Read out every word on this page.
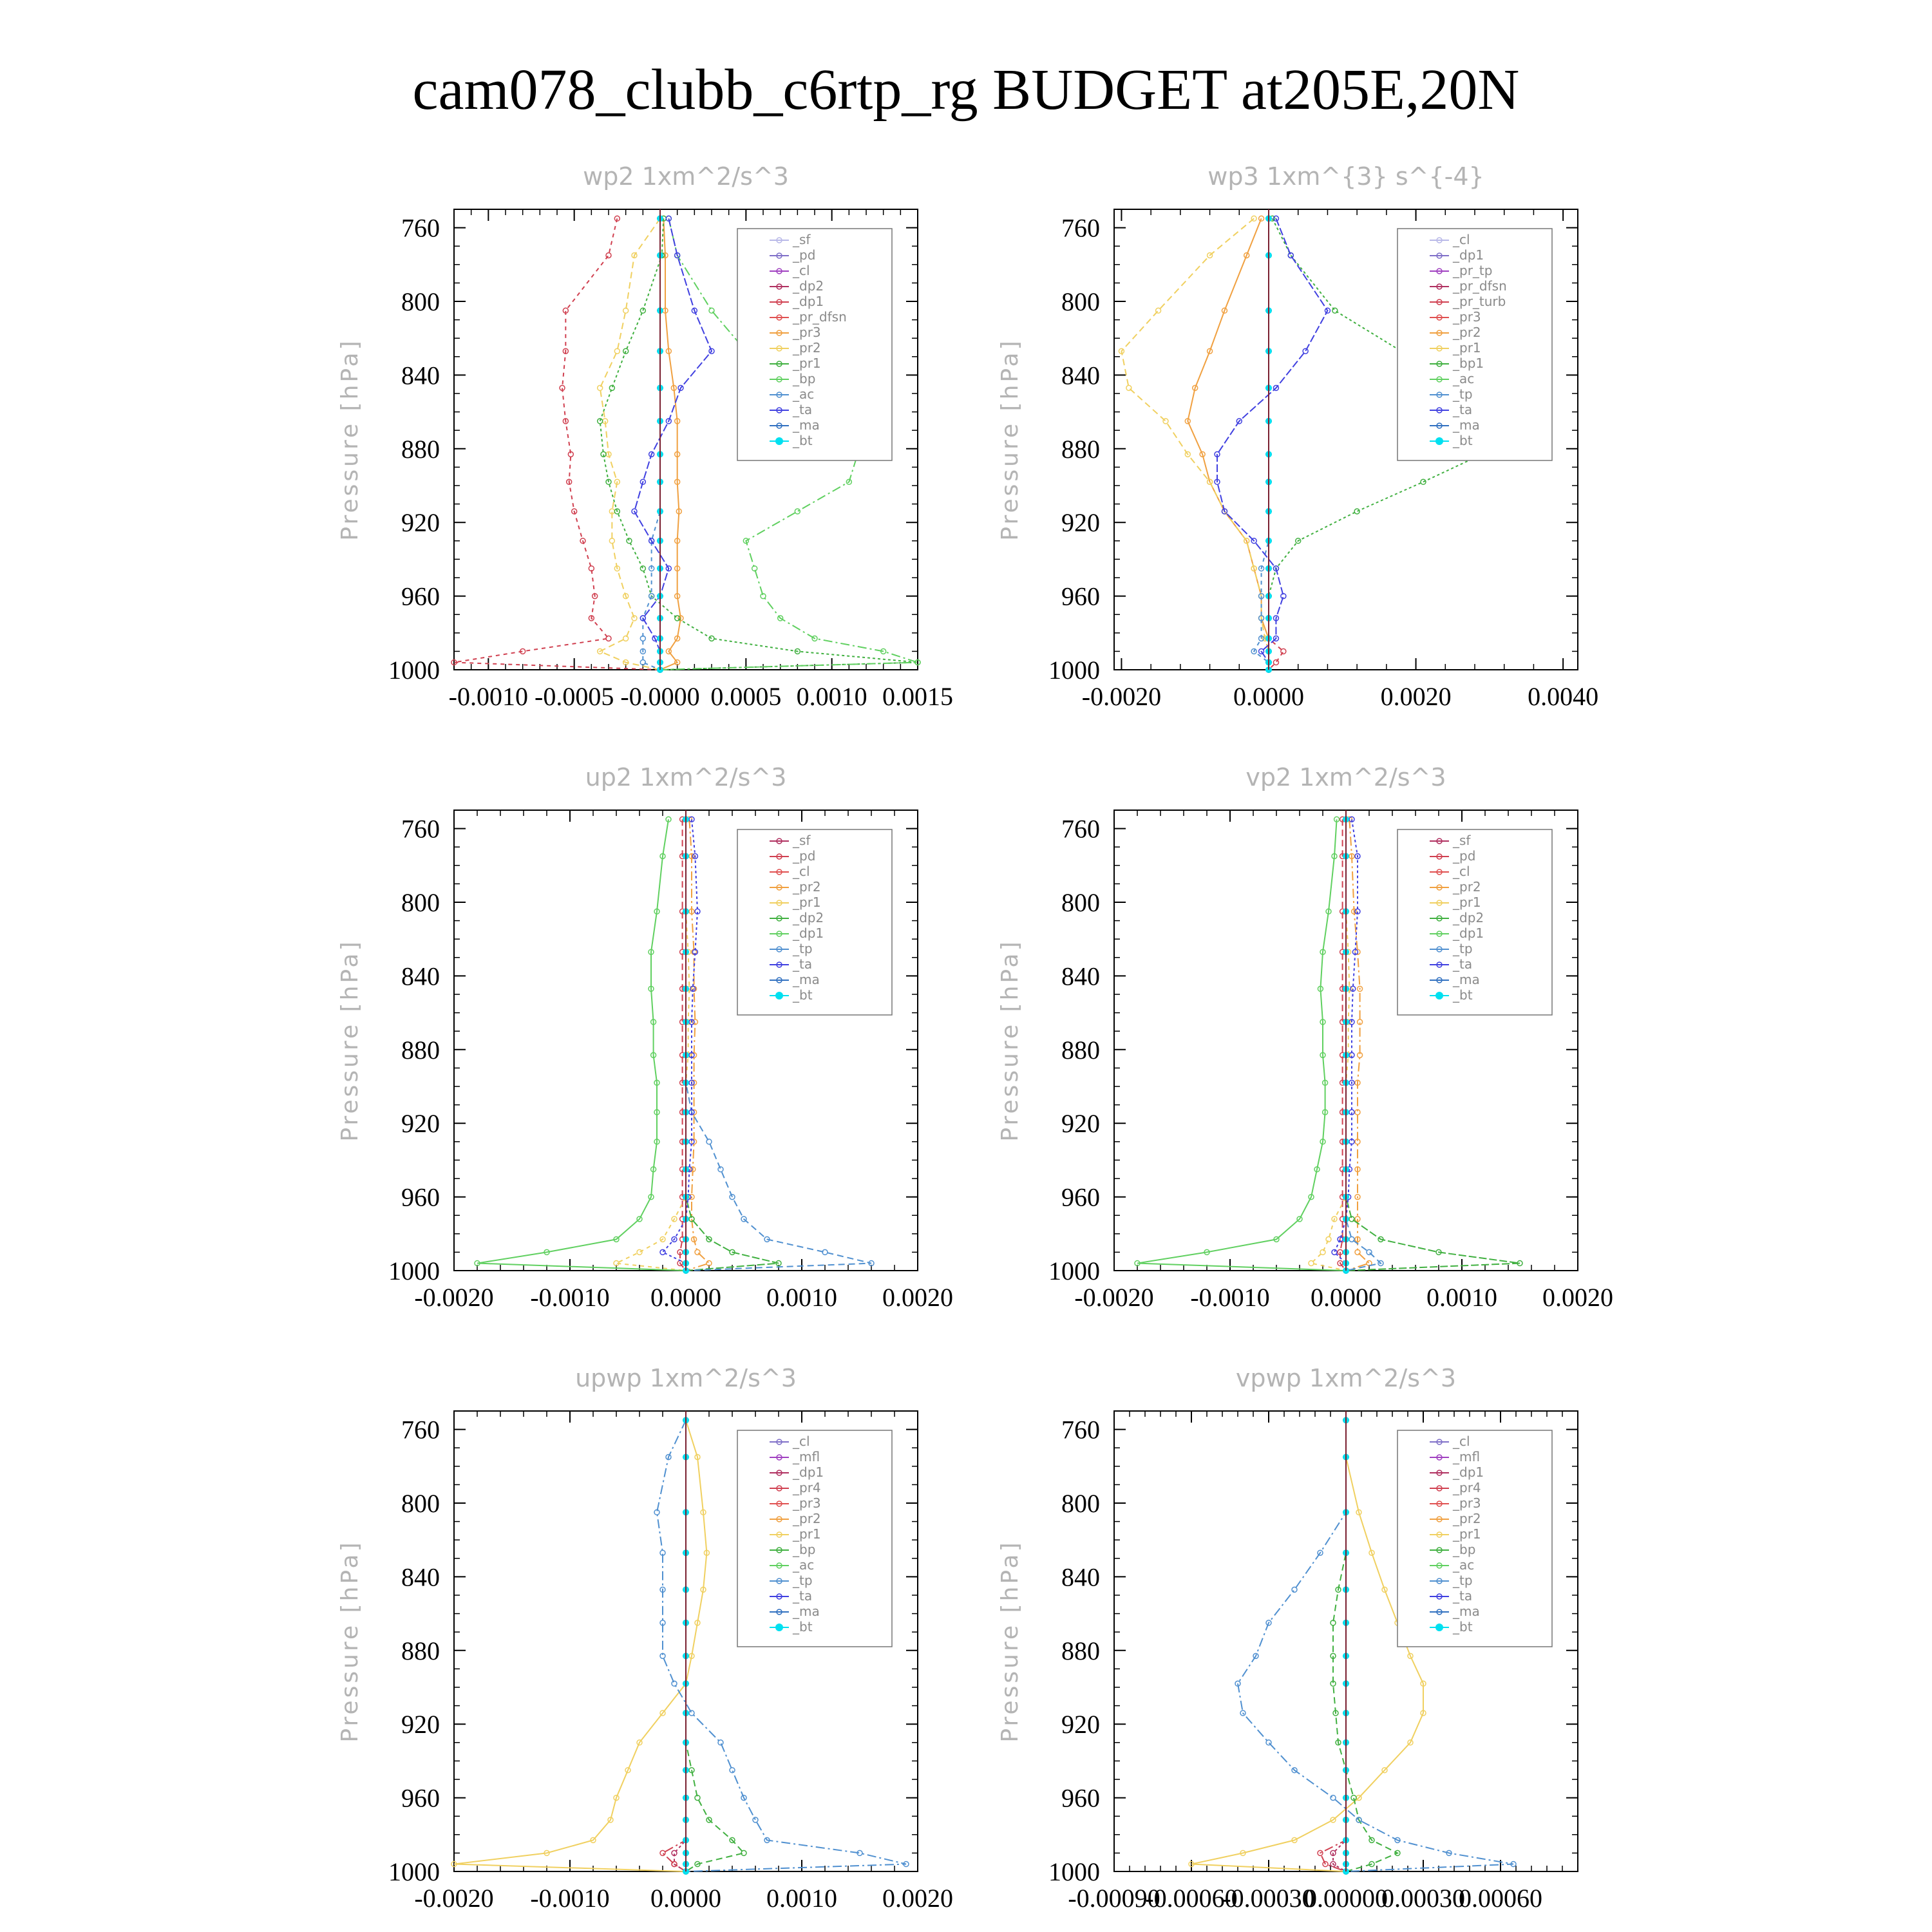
cam078_clubb_c6rtp_rg BUDGET at205E,20N
wp2 1xm^2/s^3
Pressure [hPa]
760
800
840
880
920
960
1000
-0.0010 -0.0005 -0.0000 0.0005 0.0010 0.0015
_sf
_pd
_cl
_dp2
_dp1
_pr_dfsn
_pr3
_pr2
_pr1
_bp
_ac
_ta
_ma
_bt
wp3 1xm^{3} s^{-4}
Pressure [hPa]
760
800
840
880
920
960
1000
-0.0020	0.0000	0.0020	0.0040
_cl
_dp1
_pr_tp
_pr_dfsn
_pr_turb
_pr3
_pr2
_pr1
_bp1
_ac
_tp
_ta
_ma
_bt
up2 1xm^2/s^3
Pressure [hPa]
760
800
840
880
920
960
1000
-0.0020 -0.0010 0.0000 0.0010 0.0020
_sf
_pd
_cl
_pr2
_pr1
_dp2
_dp1
_tp
_ta
_ma
_bt
vp2 1xm^2/s^3
Pressure [hPa]
760
800
840
880
920
960
1000
-0.0020 -0.0010 0.0000 0.0010 0.0020
_sf
_pd
_cl
_pr2
_pr1
_dp2
_dp1
_tp
_ta
_ma
_bt
upwp 1xm^2/s^3
Pressure [hPa]
760
800
840
880
920
960
1000
-0.0020 -0.0010 0.0000 0.0010 0.0020
_cl
_mfl
_dp1
_pr4
_pr3
_pr2
_pr1
_bp
_ac
_tp
_ta
_ma
_bt
vpwp 1xm^2/s^3
Pressure [hPa]
760
800
840
880
920
960
1000
-0.00090
-0.00060
-0.00030
0.00000
0.00030
0.00060
_cl
_mfl
_dp1
_pr4
_pr3
_pr2
_pr1
_bp
_ac
_tp
_ta
_ma
_bt
